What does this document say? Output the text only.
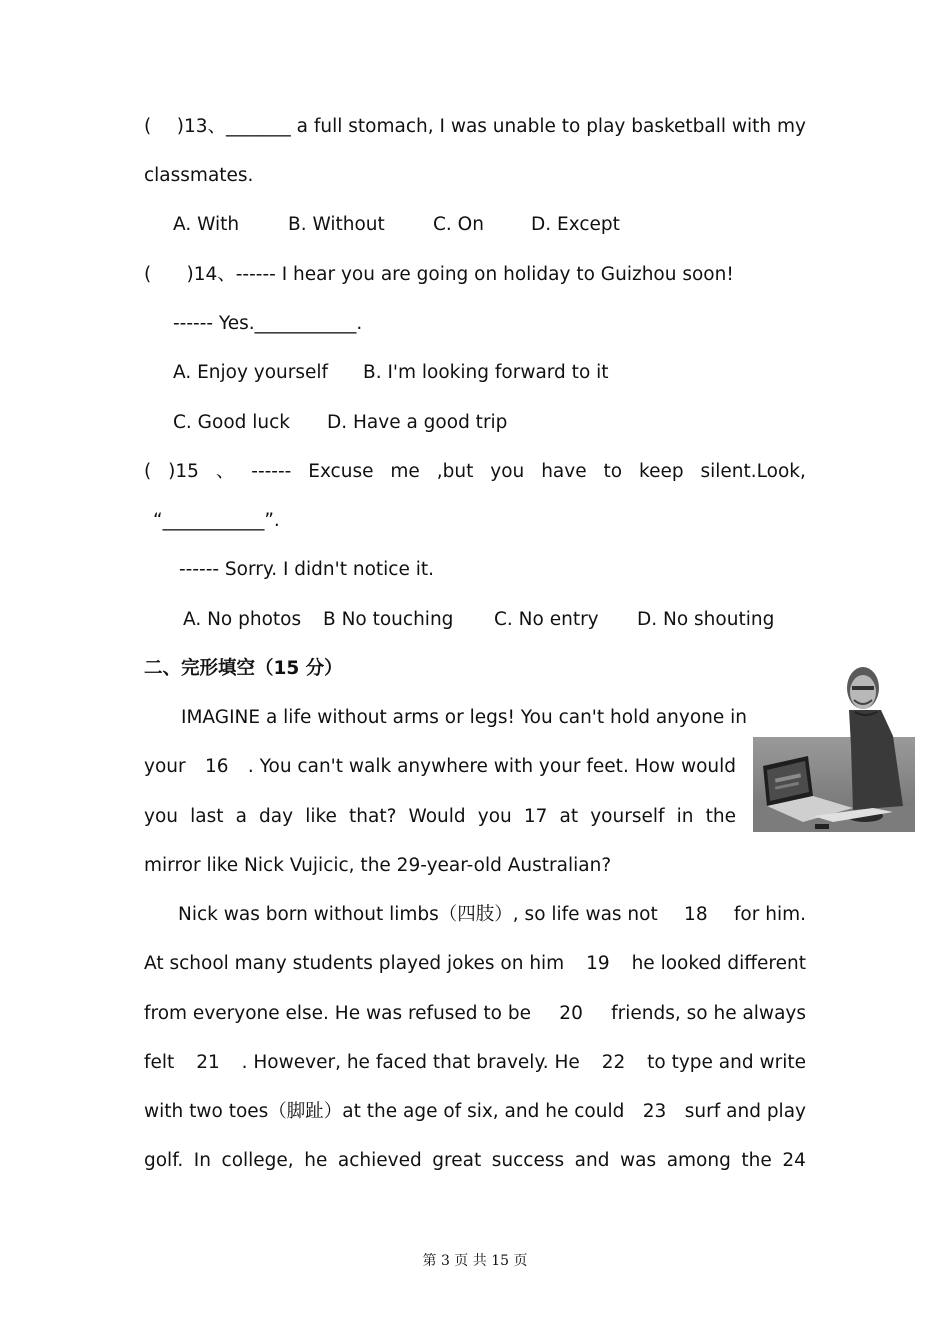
( )13、_______ a full stomach, I was unable to play basketball with my
classmates.
A. With	B. Without	C. On	D. Except
(      )14、------ I hear you are going on holiday to Guizhou soon!
------ Yes.___________.
A. Enjoy yourself B. I'm looking forward to it
C. Good luck D. Have a good trip
( )15 、 ------ Excuse me ,but you have to keep silent.Look,
“___________”.
------ Sorry. I didn't notice it.
A. No photos B No touching C. No entry D. No shouting
二、完形填空（15 分）
IMAGINE a life without arms or legs! You can't hold anyone in
your 16 . You can't walk anywhere with your feet. How would
you last a day like that? Would you 17 at yourself in the
mirror like Nick Vujicic, the 29-year-old Australian?
Nick was born without limbs（四肢）, so life was not 18 for him.
At school many students played jokes on him 19 he looked different
from everyone else. He was refused to be 20 friends, so he always
felt 21 . However, he faced that bravely. He 22 to type and write
with two toes（脚趾）at the age of six, and he could 23 surf and play
golf. In college, he achieved great success and was among the 24
第 3 页 共 15 页
